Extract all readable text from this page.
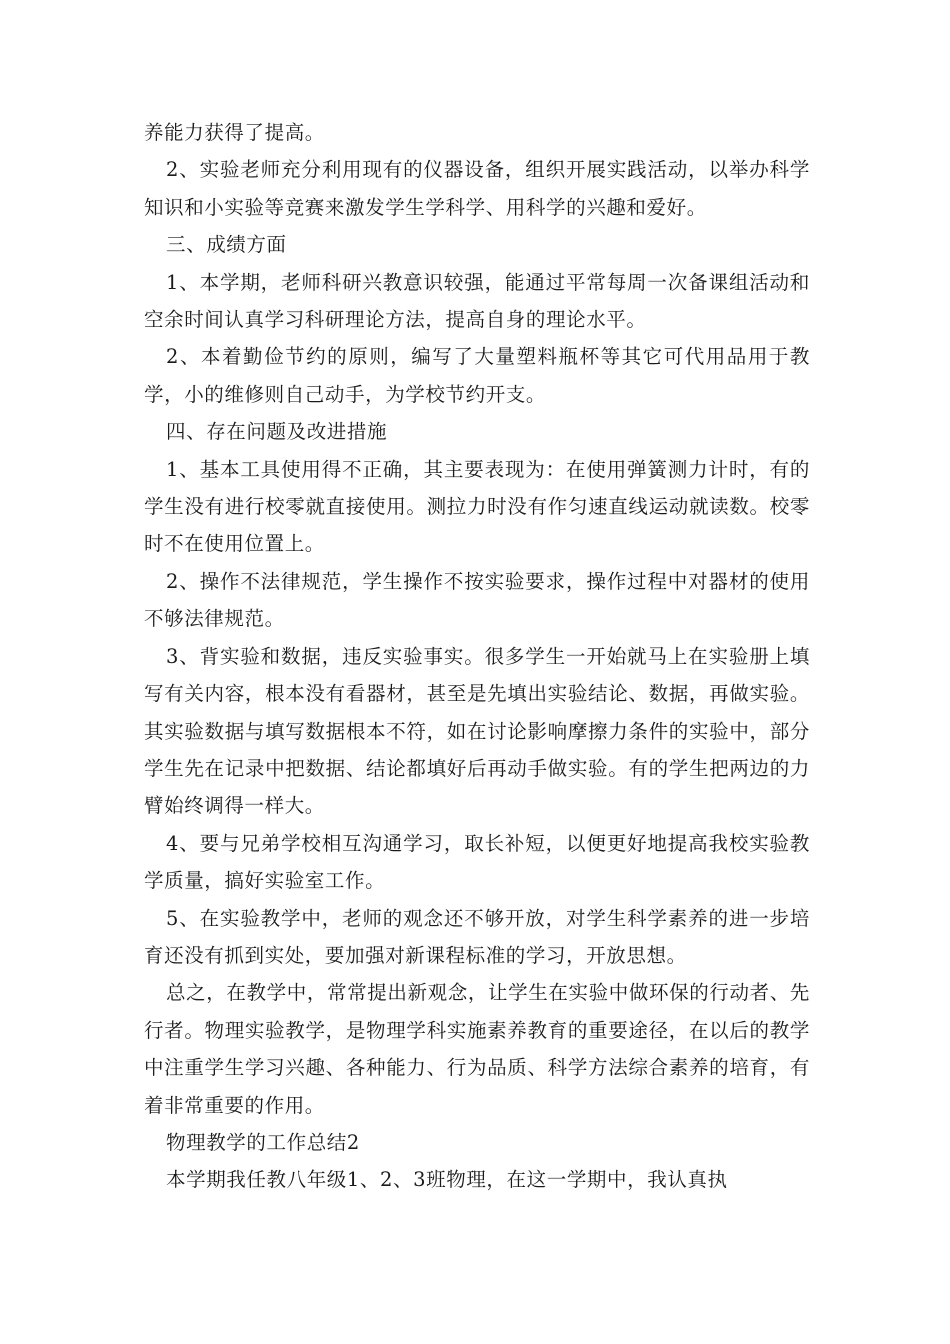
养能力获得了提高。

2、实验老师充分利用现有的仪器设备，组织开展实践活动，以举办科学知识和小实验等竞赛来激发学生学科学、用科学的兴趣和爱好。

三、成绩方面

1、本学期，老师科研兴教意识较强，能通过平常每周一次备课组活动和空余时间认真学习科研理论方法，提高自身的理论水平。

2、本着勤俭节约的原则，编写了大量塑料瓶杯等其它可代用品用于教学，小的维修则自己动手，为学校节约开支。

四、存在问题及改进措施

1、基本工具使用得不正确，其主要表现为：在使用弹簧测力计时，有的学生没有进行校零就直接使用。测拉力时没有作匀速直线运动就读数。校零时不在使用位置上。

2、操作不法律规范，学生操作不按实验要求，操作过程中对器材的使用不够法律规范。

3、背实验和数据，违反实验事实。很多学生一开始就马上在实验册上填写有关内容，根本没有看器材，甚至是先填出实验结论、数据，再做实验。其实验数据与填写数据根本不符，如在讨论影响摩擦力条件的实验中，部分学生先在记录中把数据、结论都填好后再动手做实验。有的学生把两边的力臂始终调得一样大。

4、要与兄弟学校相互沟通学习，取长补短，以便更好地提高我校实验教学质量，搞好实验室工作。

5、在实验教学中，老师的观念还不够开放，对学生科学素养的进一步培育还没有抓到实处，要加强对新课程标准的学习，开放思想。

总之，在教学中，常常提出新观念，让学生在实验中做环保的行动者、先行者。物理实验教学，是物理学科实施素养教育的重要途径，在以后的教学中注重学生学习兴趣、各种能力、行为品质、科学方法综合素养的培育，有着非常重要的作用。

物理教学的工作总结2

本学期我任教八年级1、2、3班物理，在这一学期中，我认真执
